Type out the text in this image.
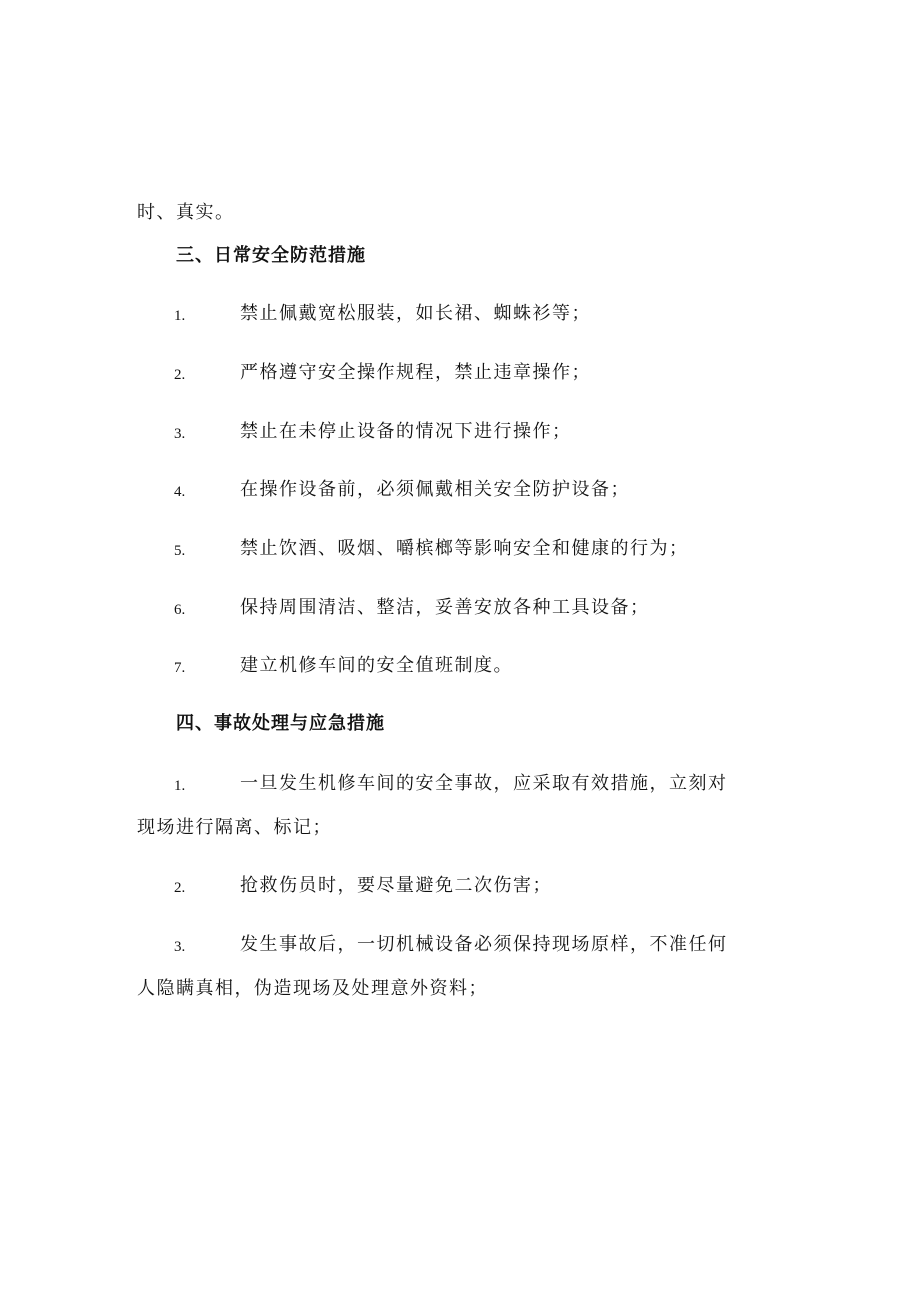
时、真实。
三、日常安全防范措施
1.	禁止佩戴宽松服装，如长裙、蜘蛛衫等；
2.	严格遵守安全操作规程，禁止违章操作；
3.	禁止在未停止设备的情况下进行操作；
4.	在操作设备前，必须佩戴相关安全防护设备；
5.	禁止饮酒、吸烟、嚼槟榔等影响安全和健康的行为；
6.	保持周围清洁、整洁，妥善安放各种工具设备；
7.	建立机修车间的安全值班制度。
四、事故处理与应急措施
1.	一旦发生机修车间的安全事故，应采取有效措施，立刻对
现场进行隔离、标记；
2.	抢救伤员时，要尽量避免二次伤害；
3.	发生事故后，一切机械设备必须保持现场原样，不准任何
人隐瞒真相，伪造现场及处理意外资料；
